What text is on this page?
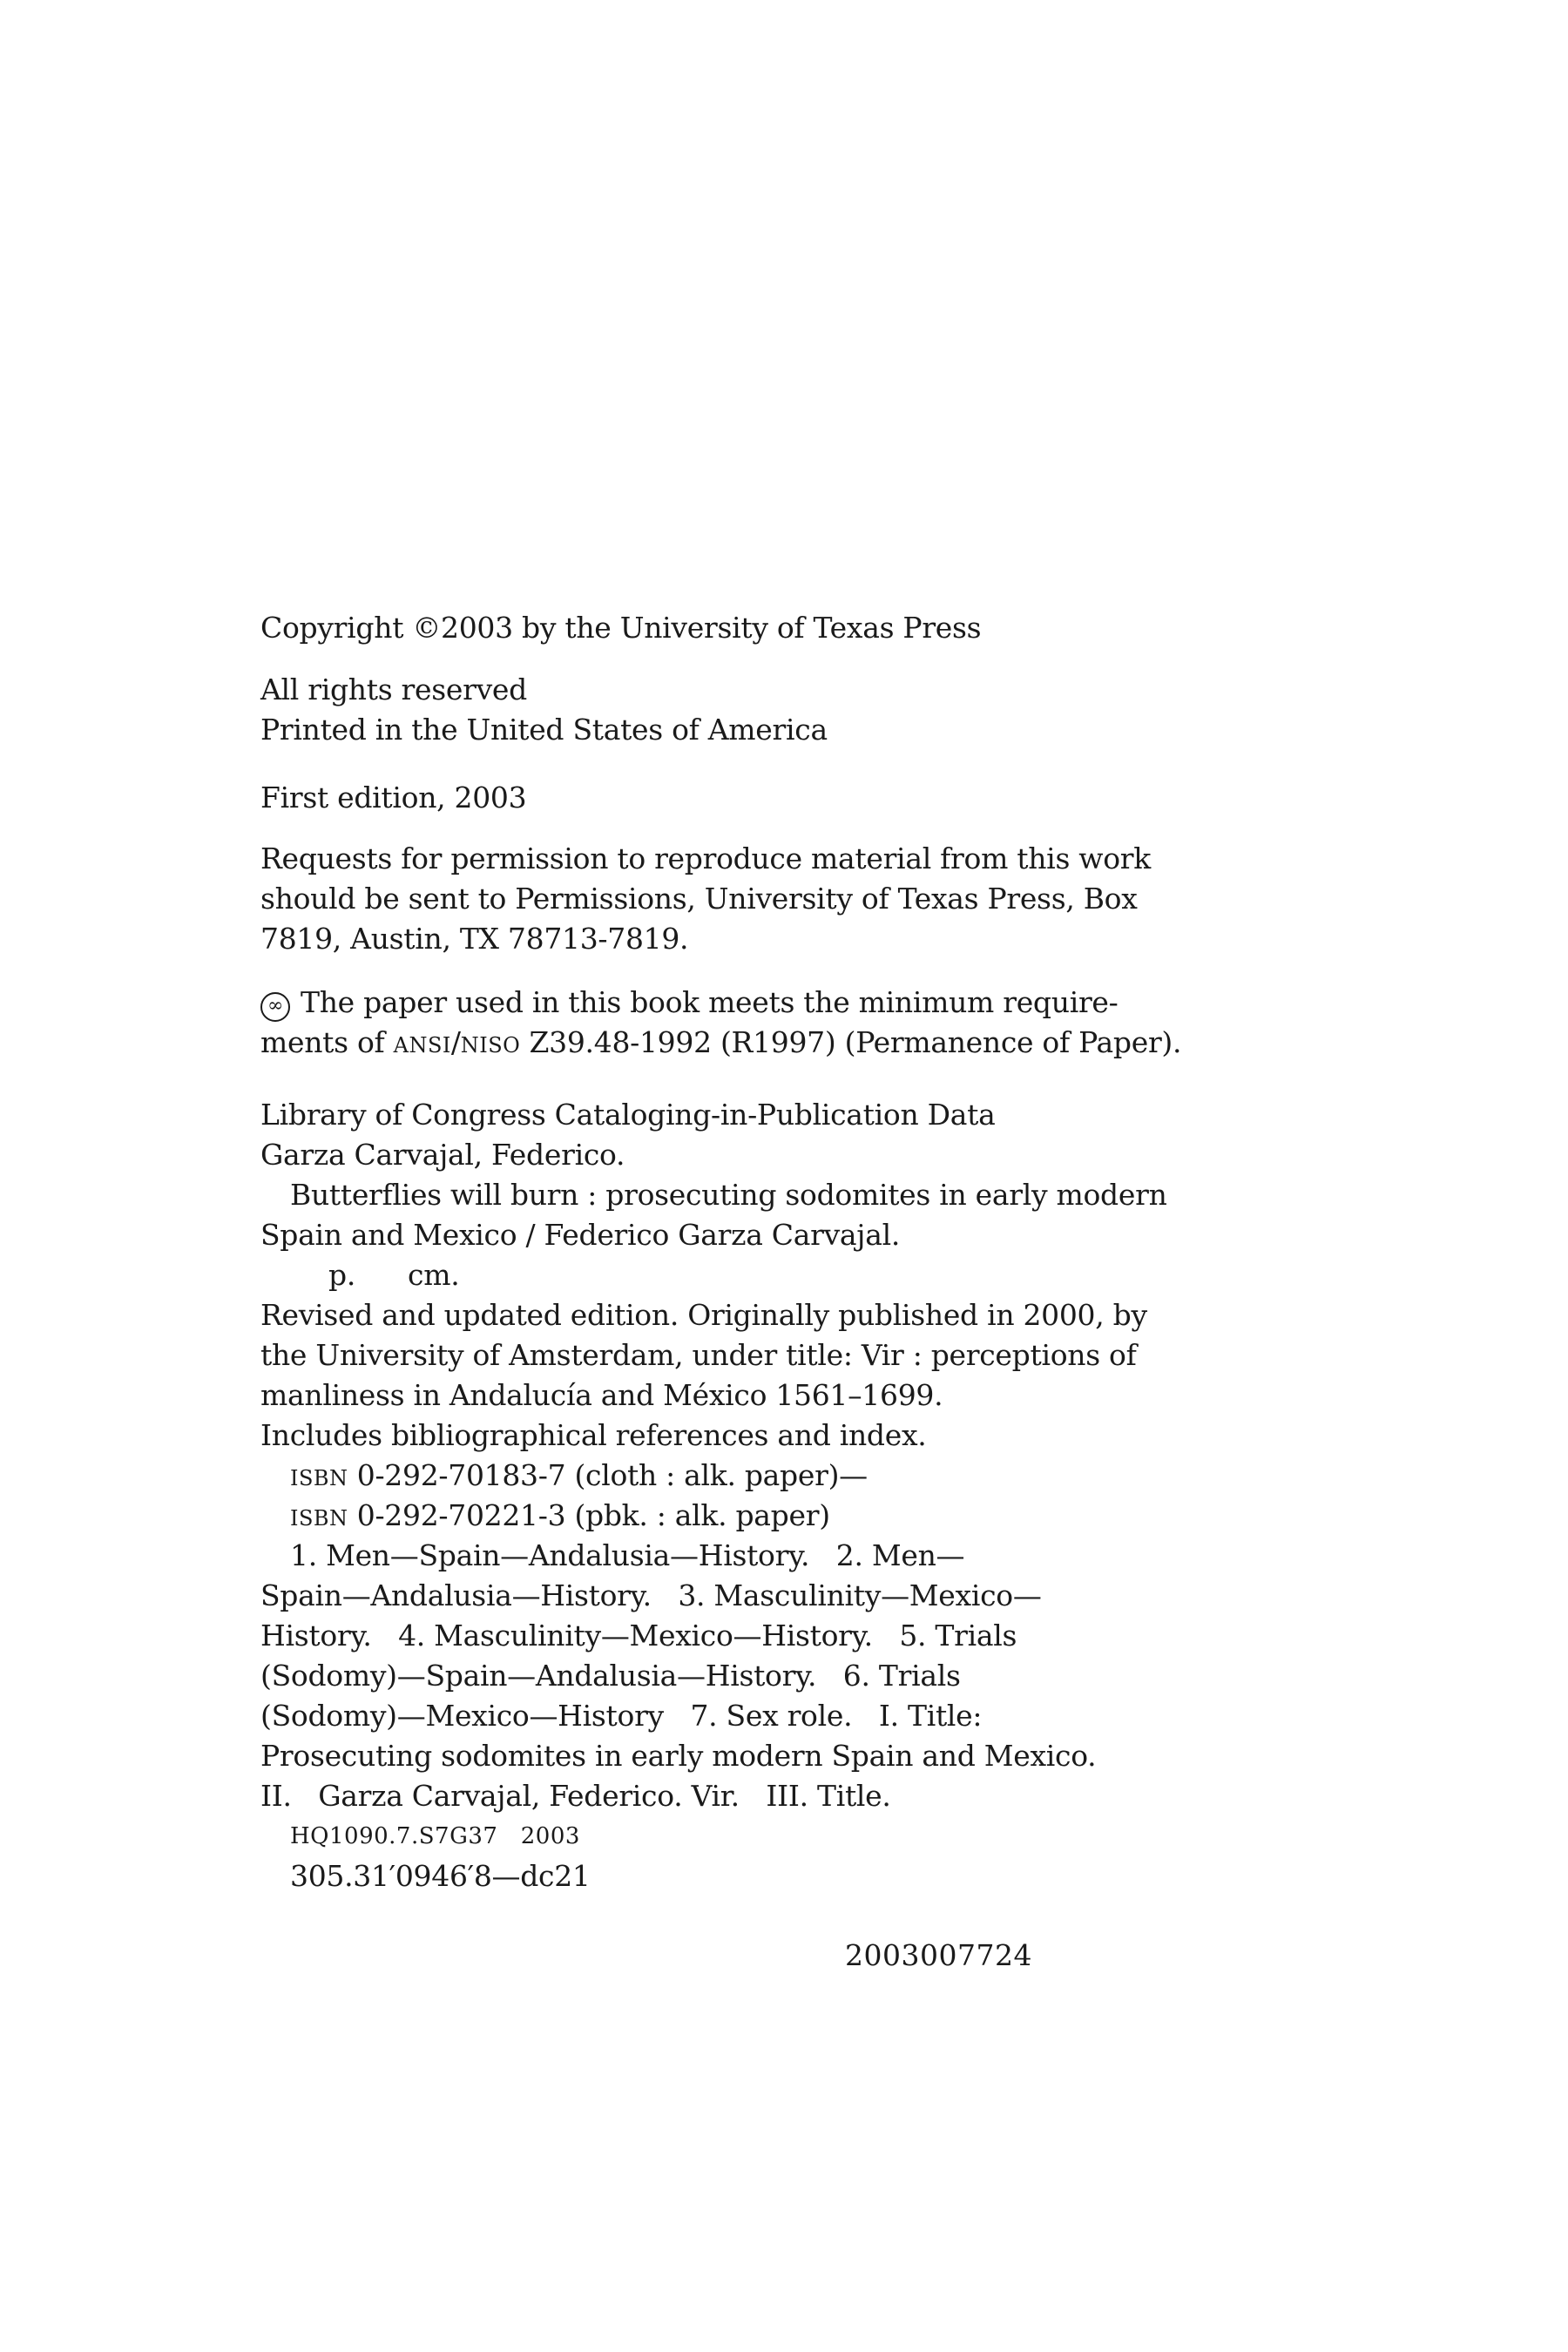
Copyright ©2003 by the University of Texas Press
All rights reserved
Printed in the United States of America
First edition, 2003
Requests for permission to reproduce material from this work
should be sent to Permissions, University of Texas Press, Box
7819, Austin, TX 78713-7819.
∞ The paper used in this book meets the minimum require-
ments of ANSI/NISO Z39.48-1992 (R1997) (Permanence of Paper).
Library of Congress Cataloging-in-Publication Data
Garza Carvajal, Federico.
Butterflies will burn : prosecuting sodomites in early modern
Spain and Mexico / Federico Garza Carvajal.
p. cm.
Revised and updated edition. Originally published in 2000, by
the University of Amsterdam, under title: Vir : perceptions of
manliness in Andalucía and México 1561–1699.
Includes bibliographical references and index.
ISBN 0-292-70183-7 (cloth : alk. paper)—
ISBN 0-292-70221-3 (pbk. : alk. paper)
1. Men—Spain—Andalusia—History.   2. Men—
Spain—Andalusia—History.   3. Masculinity—Mexico—
History.   4. Masculinity—Mexico—History.   5. Trials
(Sodomy)—Spain—Andalusia—History.   6. Trials
(Sodomy)—Mexico—History   7. Sex role.   I. Title:
Prosecuting sodomites in early modern Spain and Mexico.
II.   Garza Carvajal, Federico. Vir.   III. Title.
HQ1090.7.S7G37   2003
305.31′0946′8—dc21
2003007724
